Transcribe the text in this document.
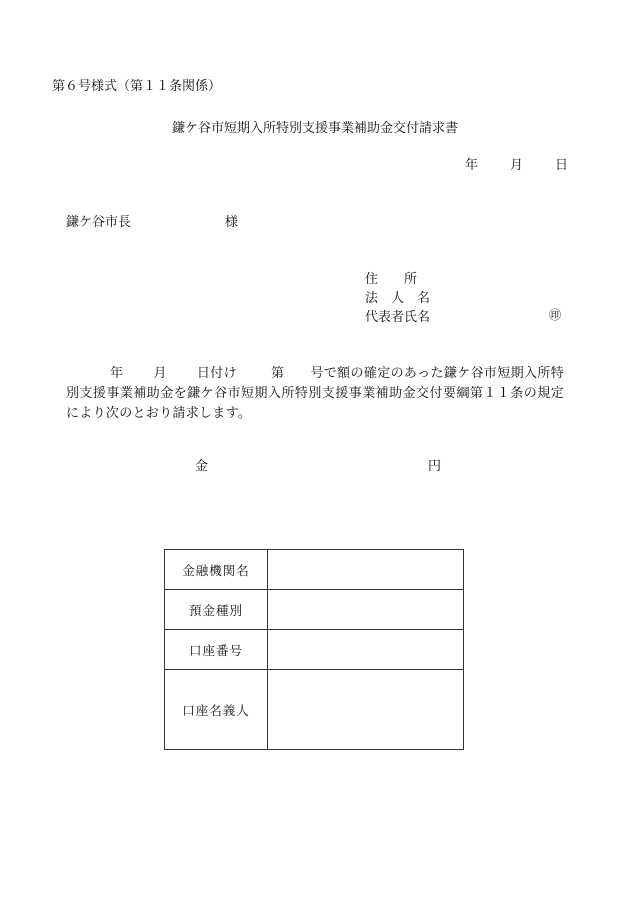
第６号様式（第１１条関係）
鎌ケ谷市短期入所特別支援事業補助金交付請求書
年 月 日
鎌ケ谷市長	様
住　　所
法　人　名
代表者氏名	㊞
年 月 日付け	第 号で額の確定のあった鎌ケ谷市短期入所特別支援事業補助金を鎌ケ谷市短期入所特別支援事業補助金交付要綱第１１条の規定により次のとおり請求します。
金	円
金融機関名	
預金種別	
口座番号	
口座名義人	
